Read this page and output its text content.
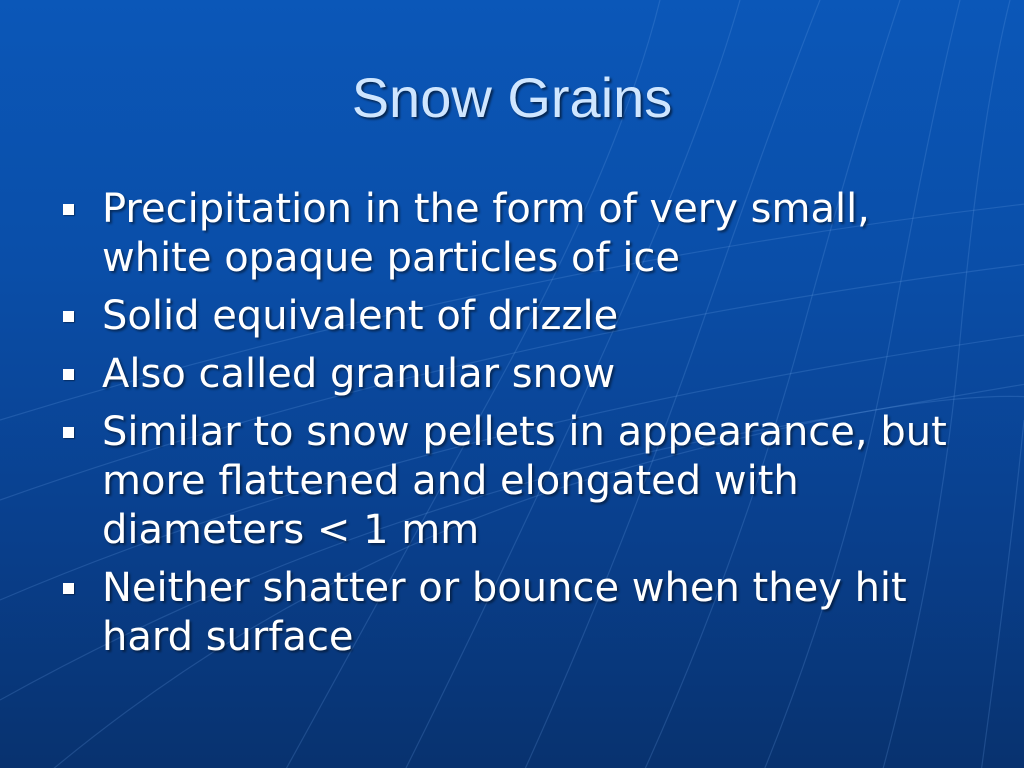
Snow Grains
Precipitation in the form of very small, white opaque particles of ice
Solid equivalent of drizzle
Also called granular snow
Similar to snow pellets in appearance, but more flattened and elongated with diameters < 1 mm
Neither shatter or bounce when they hit hard surface
